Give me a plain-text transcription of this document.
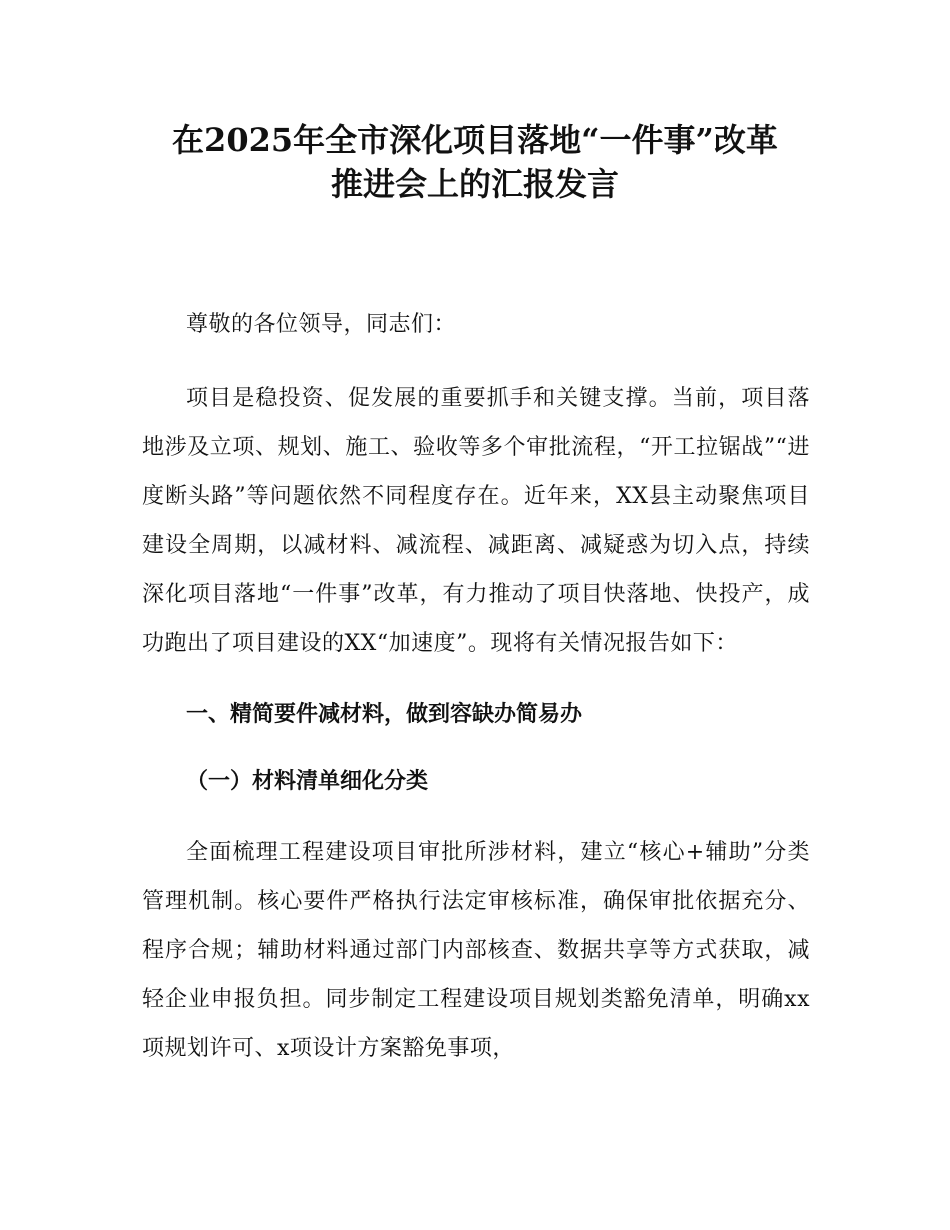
在2025年全市深化项目落地“一件事”改革
推进会上的汇报发言

尊敬的各位领导，同志们：

项目是稳投资、促发展的重要抓手和关键支撑。当前，项目落地涉及立项、规划、施工、验收等多个审批流程，“开工拉锯战”“进度断头路”等问题依然不同程度存在。近年来，XX县主动聚焦项目建设全周期，以减材料、减流程、减距离、减疑惑为切入点，持续深化项目落地“一件事”改革，有力推动了项目快落地、快投产，成功跑出了项目建设的XX“加速度”。现将有关情况报告如下：

一、精简要件减材料，做到容缺办简易办

（一）材料清单细化分类

全面梳理工程建设项目审批所涉材料，建立“核心+辅助”分类管理机制。核心要件严格执行法定审核标准，确保审批依据充分、程序合规；辅助材料通过部门内部核查、数据共享等方式获取，减轻企业申报负担。同步制定工程建设项目规划类豁免清单，明确xx项规划许可、x项设计方案豁免事项，
